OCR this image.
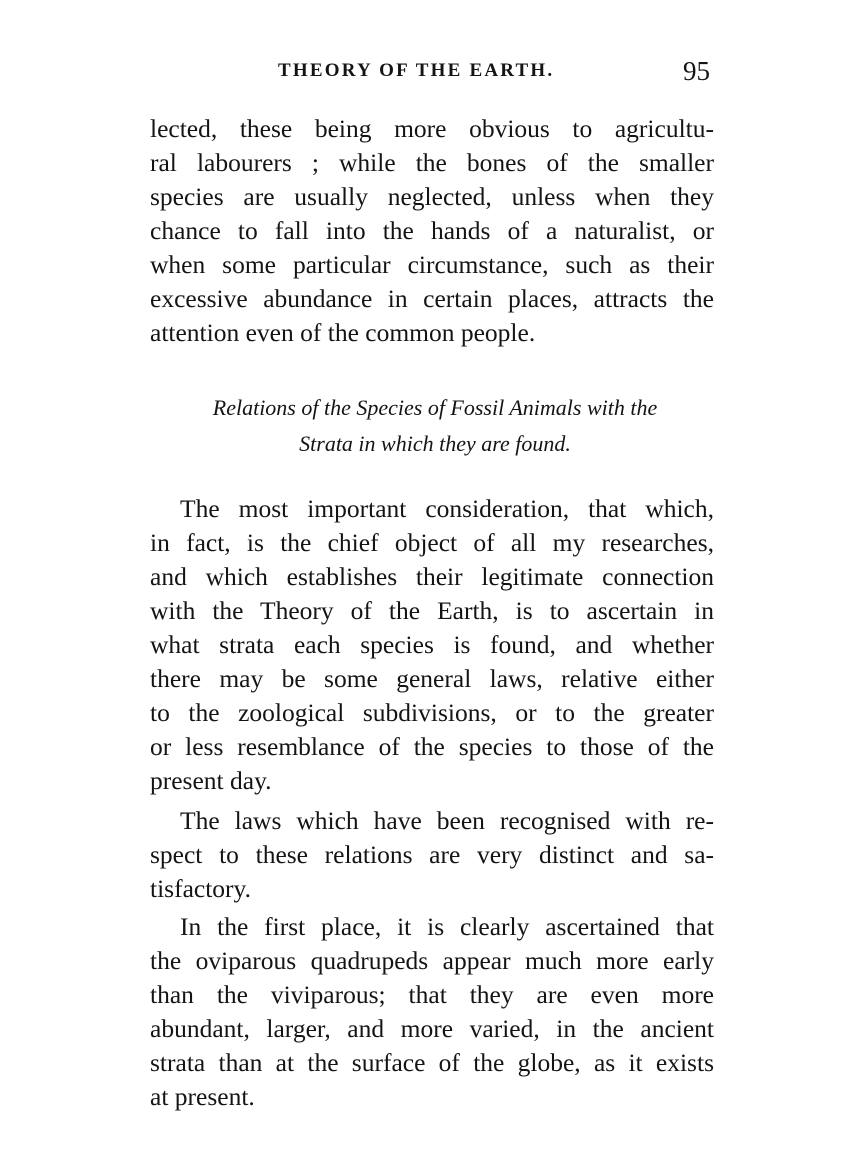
THEORY OF THE EARTH.	95
lected, these being more obvious to agricultu-
ral labourers ; while the bones of the smaller
species are usually neglected, unless when they
chance to fall into the hands of a naturalist, or
when some particular circumstance, such as their
excessive abundance in certain places, attracts the
attention even of the common people.
Relations of the Species of Fossil Animals with the
Strata in which they are found.
The most important consideration, that which,
in fact, is the chief object of all my researches,
and which establishes their legitimate connection
with the Theory of the Earth, is to ascertain in
what strata each species is found, and whether
there may be some general laws, relative either
to the zoological subdivisions, or to the greater
or less resemblance of the species to those of the
present day.
The laws which have been recognised with re-
spect to these relations are very distinct and sa-
tisfactory.
In the first place, it is clearly ascertained that
the oviparous quadrupeds appear much more early
than the viviparous; that they are even more
abundant, larger, and more varied, in the ancient
strata than at the surface of the globe, as it exists
at present.
